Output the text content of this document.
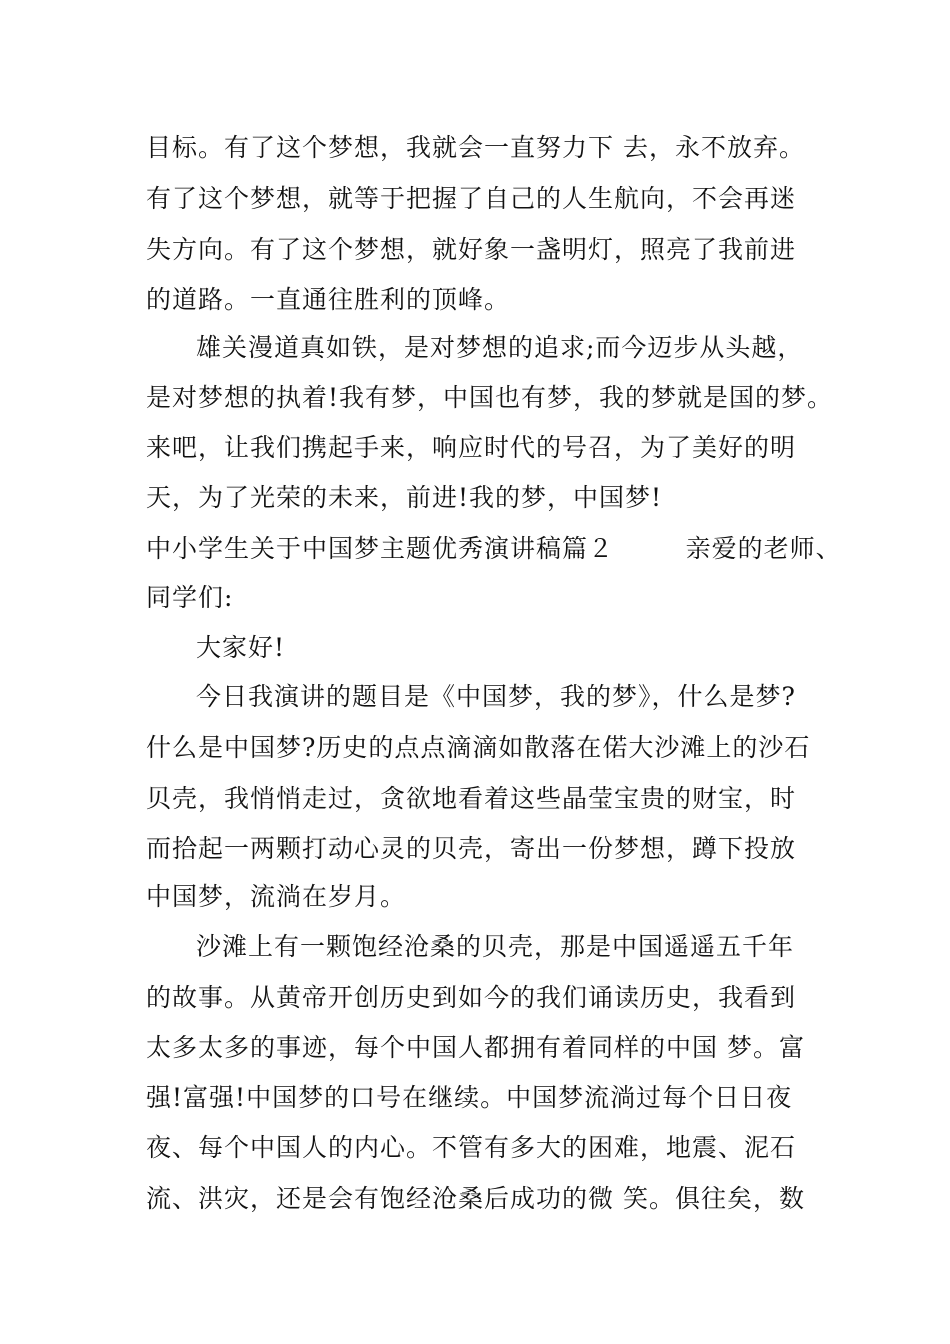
目标。有了这个梦想，我就会一直努力下 去，永不放弃。
有了这个梦想，就等于把握了自己的人生航向，不会再迷
失方向。有了这个梦想，就好象一盏明灯，照亮了我前进
的道路。一直通往胜利的顶峰。
雄关漫道真如铁，是对梦想的追求;而今迈步从头越，
是对梦想的执着!我有梦，中国也有梦，我的梦就是国的梦。
来吧，让我们携起手来，响应时代的号召，为了美好的明
天，为了光荣的未来，前进!我的梦，中国梦!
中小学生关于中国梦主题优秀演讲稿篇２        亲爱的老师、
同学们:
大家好!
今日我演讲的题目是《中国梦，我的梦》，什么是梦?
什么是中国梦?历史的点点滴滴如散落在偌大沙滩上的沙石
贝壳，我悄悄走过，贪欲地看着这些晶莹宝贵的财宝，时
而拾起一两颗打动心灵的贝壳，寄出一份梦想，蹲下投放
中国梦，流淌在岁月。
沙滩上有一颗饱经沧桑的贝壳，那是中国遥遥五千年
的故事。从黄帝开创历史到如今的我们诵读历史，我看到
太多太多的事迹，每个中国人都拥有着同样的中国 梦。富
强!富强!中国梦的口号在继续。中国梦流淌过每个日日夜
夜、每个中国人的内心。不管有多大的困难，地震、泥石
流、洪灾，还是会有饱经沧桑后成功的微 笑。俱往矣，数
